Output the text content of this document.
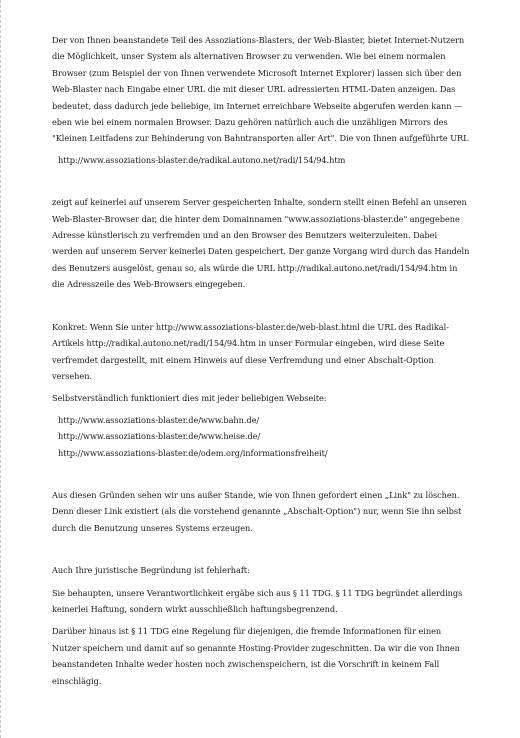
Der von Ihnen beanstandete Teil des Assoziations-Blasters, der Web-Blaster, bietet Internet-Nutzern die Möglichkeit, unser System als alternativen Browser zu verwenden. Wie bei einem normalen Browser (zum Beispiel der von Ihnen verwendete Microsoft Internet Explorer) lassen sich über den Web-Blaster nach Eingabe einer URL die mit dieser URL adressierten HTML-Daten anzeigen. Das bedeutet, dass dadurch jede beliebige, im Internet erreichbare Webseite abgerufen werden kann — eben wie bei einem normalen Browser. Dazu gehören natürlich auch die unzähligen Mirrors des "Kleinen Leitfadens zur Behinderung von Bahntransporten aller Art". Die von Ihnen aufgeführte URL

http://www.assoziations-blaster.de/radikal.autono.net/radi/154/94.htm

zeigt auf keinerlei auf unserem Server gespeicherten Inhalte, sondern stellt einen Befehl an unseren Web-Blaster-Browser dar, die hinter dem Domainnamen "www.assoziations-blaster.de" angegebene Adresse künstlerisch zu verfremden und an den Browser des Benutzers weiterzuleiten. Dabei werden auf unserem Server keinerlei Daten gespeichert. Der ganze Vorgang wird durch das Handeln des Benutzers ausgelöst, genau so, als würde die URL http://radikal.autono.net/radi/154/94.htm in die Adresszeile des Web-Browsers eingegeben.

Konkret: Wenn Sie unter http://www.assoziations-blaster.de/web-blast.html die URL des Radikal-Artikels http://radikal.autono.net/radi/154/94.htm in unser Formular eingeben, wird diese Seite verfremdet dargestellt, mit einem Hinweis auf diese Verfremdung und einer Abschalt-Option versehen.

Selbstverständlich funktioniert dies mit jeder beliebigen Webseite:

http://www.assoziations-blaster.de/www.bahn.de/

http://www.assoziations-blaster.de/www.heise.de/

http://www.assoziations-blaster.de/odem.org/informationsfreiheit/

Aus diesen Gründen sehen wir uns außer Stande, wie von Ihnen gefordert einen „Link" zu löschen. Denn dieser Link existiert (als die vorstehend genannte „Abschalt-Option") nur, wenn Sie ihn selbst durch die Benutzung unseres Systems erzeugen.

Auch Ihre juristische Begründung ist fehlerhaft:

Sie behaupten, unsere Verantwortlichkeit ergäbe sich aus § 11 TDG. § 11 TDG begründet allerdings keinerlei Haftung, sondern wirkt ausschließlich haftungsbegrenzend.

Darüber hinaus ist § 11 TDG eine Regelung für diejenigen, die fremde Informationen für einen Nutzer speichern und damit auf so genannte Hosting-Provider zugeschnitten. Da wir die von Ihnen beanstandeten Inhalte weder hosten noch zwischenspeichern, ist die Vorschrift in keinem Fall einschlägig.
